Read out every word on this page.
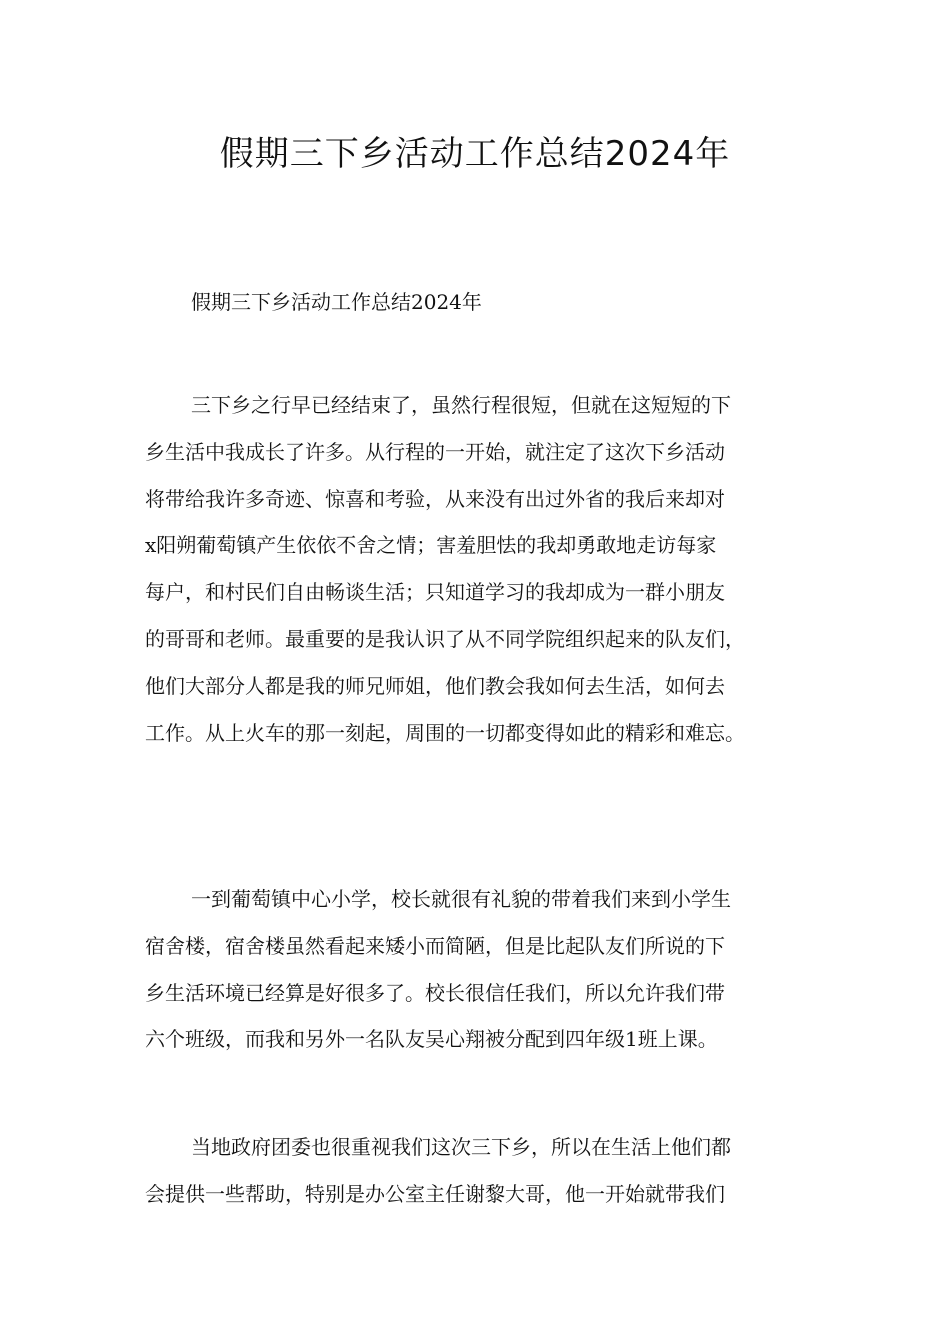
假期三下乡活动工作总结2024年

假期三下乡活动工作总结2024年

三下乡之行早已经结束了，虽然行程很短，但就在这短短的下
乡生活中我成长了许多。从行程的一开始，就注定了这次下乡活动
将带给我许多奇迹、惊喜和考验，从来没有出过外省的我后来却对
x阳朔葡萄镇产生依依不舍之情；害羞胆怯的我却勇敢地走访每家
每户，和村民们自由畅谈生活；只知道学习的我却成为一群小朋友
的哥哥和老师。最重要的是我认识了从不同学院组织起来的队友们，
他们大部分人都是我的师兄师姐，他们教会我如何去生活，如何去
工作。从上火车的那一刻起，周围的一切都变得如此的精彩和难忘。
一到葡萄镇中心小学，校长就很有礼貌的带着我们来到小学生
宿舍楼，宿舍楼虽然看起来矮小而简陋，但是比起队友们所说的下
乡生活环境已经算是好很多了。校长很信任我们，所以允许我们带
六个班级，而我和另外一名队友吴心翔被分配到四年级1班上课。
当地政府团委也很重视我们这次三下乡，所以在生活上他们都
会提供一些帮助，特别是办公室主任谢黎大哥，他一开始就带我们
